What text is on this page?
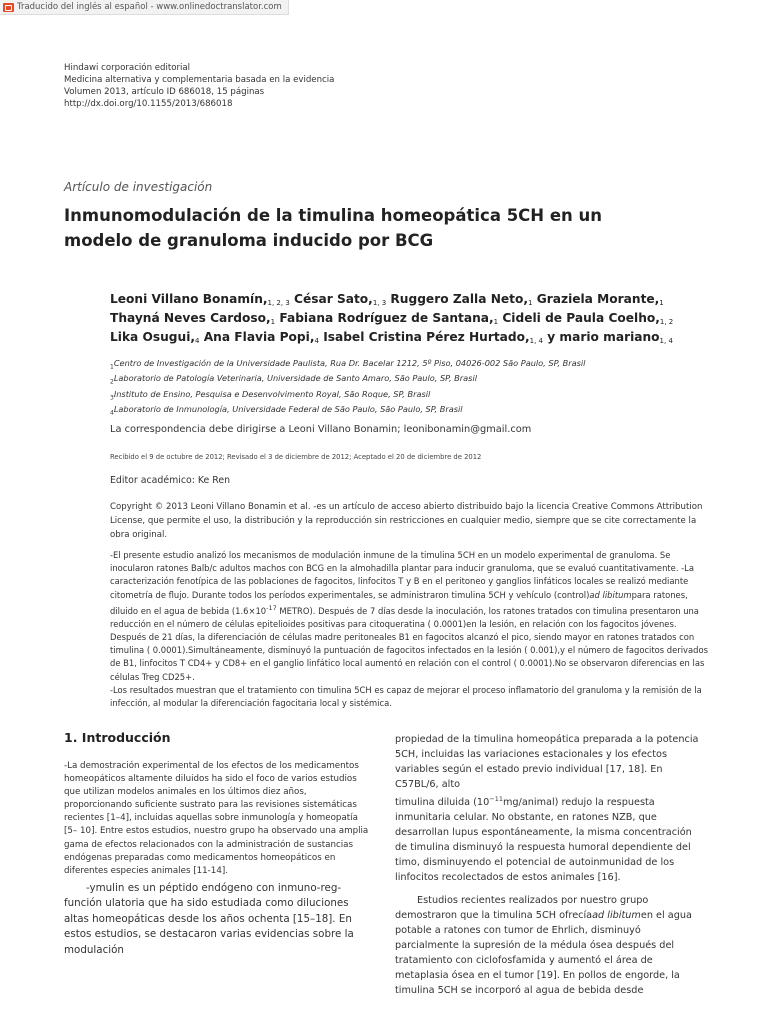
Traducido del inglés al español - www.onlinedoctranslator.com
Hindawi corporación editorial
Medicina alternativa y complementaria basada en la evidencia
Volumen 2013, artículo ID 686018, 15 páginas
http://dx.doi.org/10.1155/2013/686018
Artículo de investigación
Inmunomodulación de la timulina homeopática 5CH en un
modelo de granuloma inducido por BCG
Leoni Villano $Bonamín,_{1, 2, 3}$ César $Sato,_{1, 3}$ Ruggero Zalla $Neto,_1$ Graziela $Morante,_1$
Thayná Neves $Cardoso,_1$ Fabiana Rodríguez de $Santana,_1$ Cideli de Paula $Coelho,_{1, 2}$
Lika $Osugui,_4$ Ana Flavia $Popi,_4$ Isabel Cristina Pérez $Hurtado,_{1, 4}$ y mario mariano$_{1, 4}$
$_1$Centro de Investigación de la Universidade Paulista, Rua Dr. Bacelar 1212, 5º Piso, 04026-002 São Paulo, SP, Brasil
$_2$Laboratorio de Patología Veterinaria, Universidade de Santo Amaro, São Paulo, SP, Brasil
$_3$Instituto de Ensino, Pesquisa e Desenvolvimento Royal, São Roque, SP, Brasil
$_4$Laboratorio de Inmunología, Universidade Federal de São Paulo, São Paulo, SP, Brasil
La correspondencia debe dirigirse a Leoni Villano Bonamin; leonibonamin@gmail.com
Recibido el 9 de octubre de 2012; Revisado el 3 de diciembre de 2012; Aceptado el 20 de diciembre de 2012
Editor académico: Ke Ren
Copyright © 2013 Leoni Villano Bonamin et al. -es un artículo de acceso abierto distribuido bajo la licencia Creative Commons Attribution License, que permite el uso, la distribución y la reproducción sin restricciones en cualquier medio, siempre que se cite correctamente la obra original.

-El presente estudio analizó los mecanismos de modulación inmune de la timulina 5CH en un modelo experimental de granuloma. Se inocularon ratones Balb/c adultos machos con BCG en la almohadilla plantar para inducir granuloma, que se evaluó cuantitativamente. -La caracterización fenotípica de las poblaciones de fagocitos, linfocitos T y B en el peritoneo y ganglios linfáticos locales se realizó mediante citometría de flujo. Durante todos los períodos experimentales, se administraron timulina 5CH y vehículo (control)ad libitumpara ratones, diluido en el agua de bebida ($1.6\times 10^{-17}$ METRO). Después de 7 días desde la inoculación, los ratones tratados con timulina presentaron una reducción en el número de células epitelioides positivas para citoqueratina ( 0.0001)en la lesión, en relación con los fagocitos jóvenes. Después de 21 días, la diferenciación de células madre peritoneales B1 en fagocitos alcanzó el pico, siendo mayor en ratones tratados con timulina ( 0.0001).Simultáneamente, disminuyó la puntuación de fagocitos infectados en la lesión ( 0.001),y el número de fagocitos derivados de B1, linfocitos T CD4+ y CD8+ en el ganglio linfático local aumentó en relación con el control ( 0.0001).No se observaron diferencias en las células Treg CD25+.

-Los resultados muestran que el tratamiento con timulina 5CH es capaz de mejorar el proceso inflamatorio del granuloma y la remisión de la infección, al modular la diferenciación fagocitaria local y sistémica.

1. Introducción

-La demostración experimental de los efectos de los medicamentos homeopáticos altamente diluidos ha sido el foco de varios estudios que utilizan modelos animales en los últimos diez años, proporcionando suficiente sustrato para las revisiones sistemáticas recientes [1–4], incluidas aquellas sobre inmunología y homeopatía [5– 10]. Entre estos estudios, nuestro grupo ha observado una amplia gama de efectos relacionados con la administración de sustancias endógenas preparadas como medicamentos homeopáticos en diferentes especies animales [11-14].

-ymulin es un péptido endógeno con inmuno-reg- función ulatoria que ha sido estudiada como diluciones altas homeopáticas desde los años ochenta [15–18]. En estos estudios, se destacaron varias evidencias sobre la modulación

propiedad de la timulina homeopática preparada a la potencia 5CH, incluidas las variaciones estacionales y los efectos variables según el estado previo individual [17, 18]. En C57BL/6, alto

timulina diluida $(10^{-11}mg/animal)$ redujo la respuesta inmunitaria celular. No obstante, en ratones NZB, que desarrollan lupus espontáneamente, la misma concentración de timulina disminuyó la respuesta humoral dependiente del timo, disminuyendo el potencial de autoinmunidad de los linfocitos recolectados de estos animales [16].

Estudios recientes realizados por nuestro grupo demostraron que la timulina 5CH ofrecíaad libitumen el agua potable a ratones con tumor de Ehrlich, disminuyó parcialmente la supresión de la médula ósea después del tratamiento con ciclofosfamida y aumentó el área de metaplasia ósea en el tumor [19]. En pollos de engorde, la timulina 5CH se incorporó al agua de bebida desde
